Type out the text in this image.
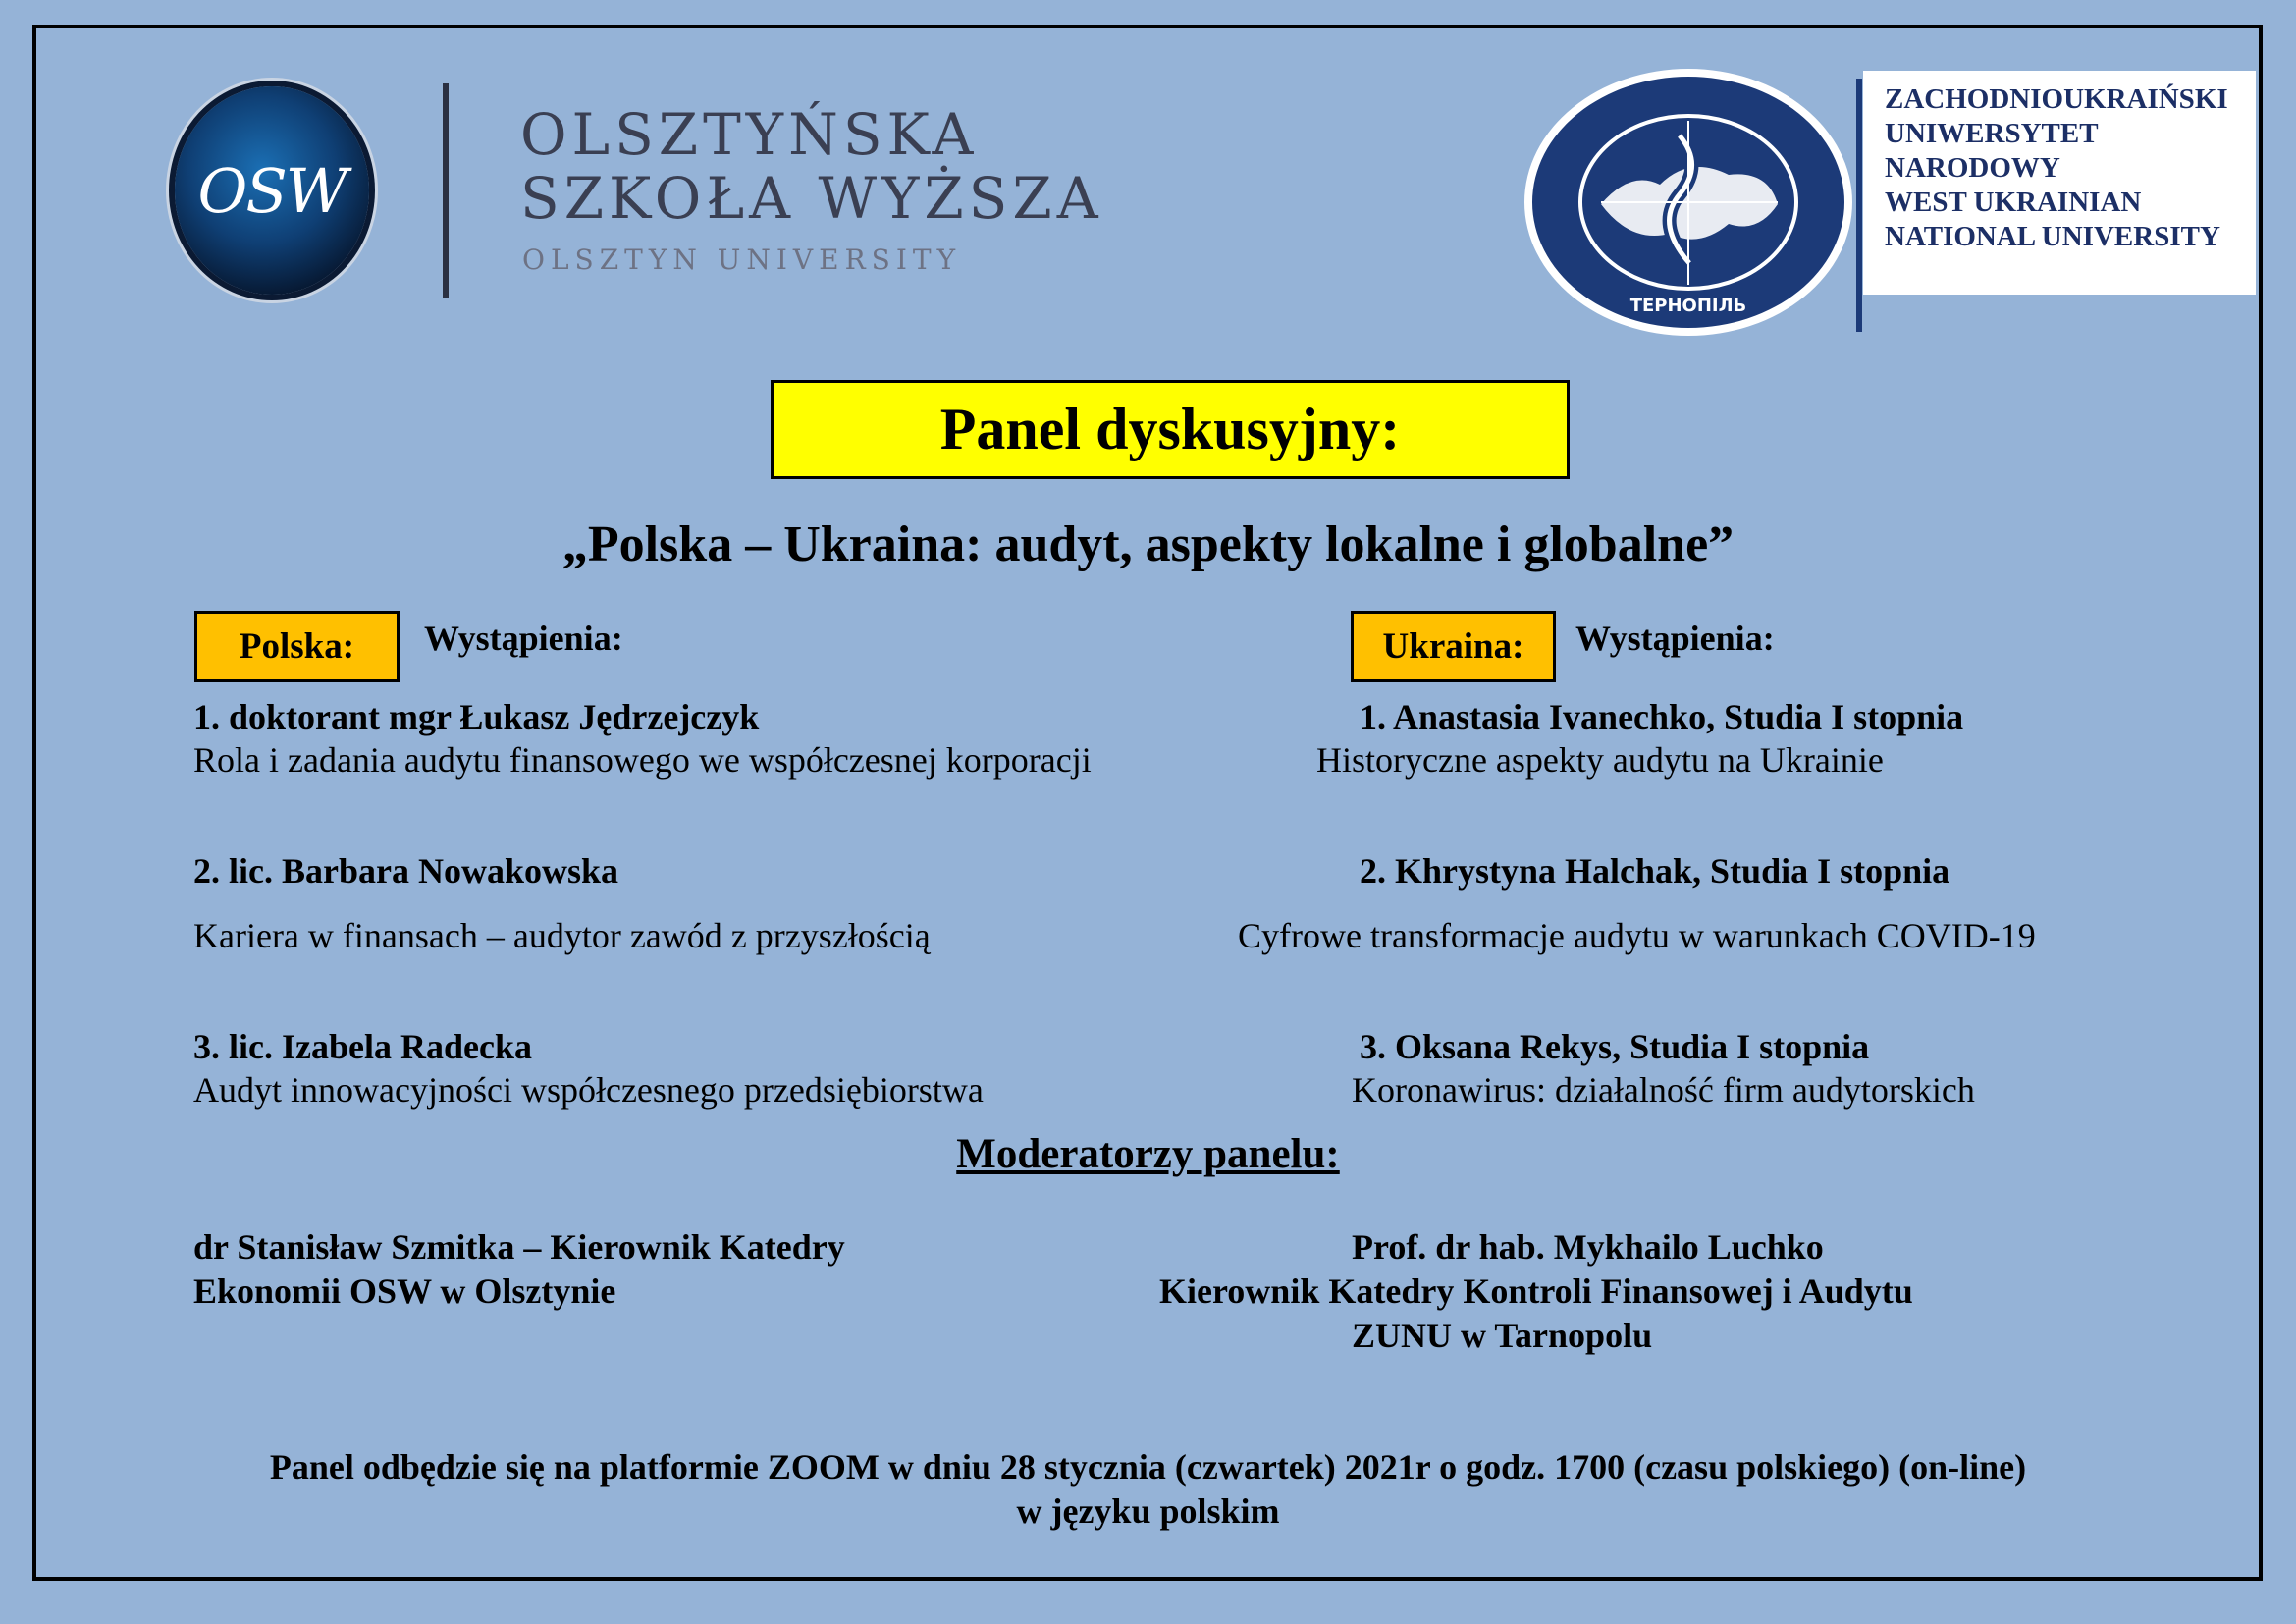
OSW
OLSZTYŃSKA
SZKOŁA WYŻSZA
OLSZTYN UNIVERSITY
ТЕРНОПІЛЬ
ZACHODNIOUKRAIŃSKI
UNIWERSYTET
NARODOWY
WEST UKRAINIAN
NATIONAL UNIVERSITY
Panel dyskusyjny:
„Polska – Ukraina: audyt, aspekty lokalne i globalne”
Polska:	Wystąpienia:
1. doktorant mgr Łukasz Jędrzejczyk
Rola i zadania audytu finansowego we współczesnej korporacji
2. lic. Barbara Nowakowska
Kariera w finansach – audytor zawód z przyszłością
3. lic. Izabela Radecka
Audyt innowacyjności współczesnego przedsiębiorstwa
Ukraina:	Wystąpienia:
1. Anastasia Ivanechko, Studia I stopnia
Historyczne aspekty audytu na Ukrainie
2. Khrystyna Halchak, Studia I stopnia
Cyfrowe transformacje audytu w warunkach COVID-19
3. Oksana Rekys, Studia I stopnia
Koronawirus: działalność firm audytorskich
Moderatorzy panelu:
dr Stanisław Szmitka – Kierownik Katedry
Ekonomii OSW w Olsztynie
Prof. dr hab. Mykhailo Luchko
Kierownik Katedry Kontroli Finansowej i Audytu
ZUNU w Tarnopolu
Panel odbędzie się na platformie ZOOM w dniu 28 stycznia (czwartek) 2021r o godz. 1700 (czasu polskiego) (on-line)
w języku polskim
